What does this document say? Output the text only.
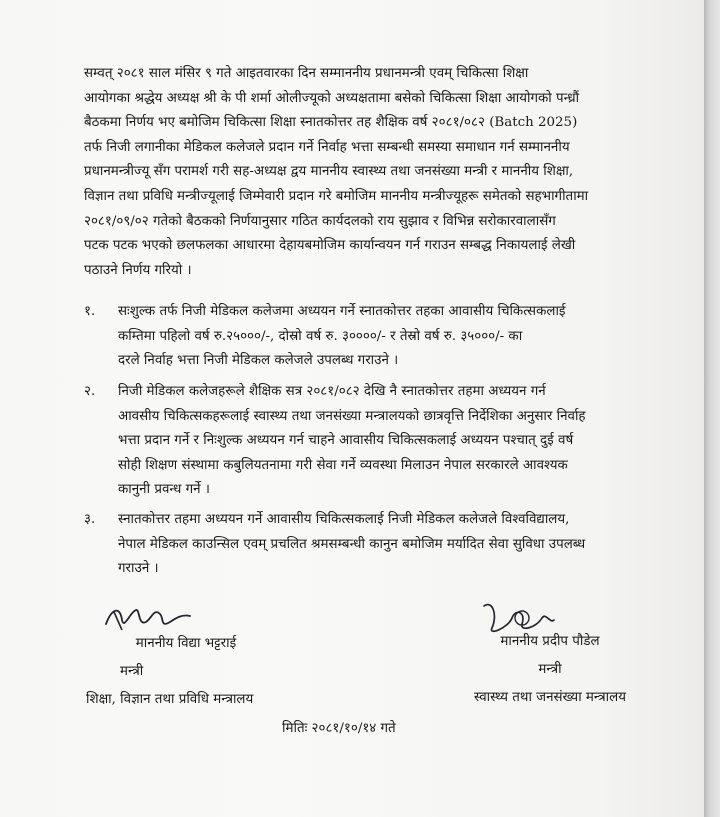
सम्वत् २०८१ साल मंसिर ९ गते आइतवारका दिन सम्माननीय प्रधानमन्त्री एवम् चिकित्सा शिक्षा
आयोगका श्रद्धेय अध्यक्ष श्री के पी शर्मा ओलीज्यूको अध्यक्षतामा बसेको चिकित्सा शिक्षा आयोगको पन्ध्रौं
बैठकमा निर्णय भए बमोजिम चिकित्सा शिक्षा स्नातकोत्तर तह शैक्षिक वर्ष २०८१/०८२ (Batch 2025)
तर्फ निजी लगानीका मेडिकल कलेजले प्रदान गर्ने निर्वाह भत्ता सम्बन्धी समस्या समाधान गर्न सम्माननीय
प्रधानमन्त्रीज्यू सँग परामर्श गरी सह-अध्यक्ष द्वय माननीय स्वास्थ्य तथा जनसंख्या मन्त्री र माननीय शिक्षा,
विज्ञान तथा प्रविधि मन्त्रीज्यूलाई जिम्मेवारी प्रदान गरे बमोजिम माननीय मन्त्रीज्यूहरू समेतको सहभागीतामा
२०८१/०९/०२ गतेको बैठकको निर्णयानुसार गठित कार्यदलको राय सुझाव र विभिन्न सरोकारवालासँग
पटक पटक भएको छलफलका आधारमा देहायबमोजिम कार्यान्वयन गर्न गराउन सम्बद्ध निकायलाई लेखी
पठाउने निर्णय गरियो ।

१. सःशुल्क तर्फ निजी मेडिकल कलेजमा अध्ययन गर्ने स्नातकोत्तर तहका आवासीय चिकित्सकलाई
कम्तिमा पहिलो वर्ष रु.२५०००/-, दोस्रो वर्ष रु. ३००००/- र तेस्रो वर्ष रु. ३५०००/- का
दरले निर्वाह भत्ता निजी मेडिकल कलेजले उपलब्ध गराउने ।
२. निजी मेडिकल कलेजहरूले शैक्षिक सत्र २०८१/०८२ देखि नै स्नातकोत्तर तहमा अध्ययन गर्न
आवसीय चिकित्सकहरूलाई स्वास्थ्य तथा जनसंख्या मन्त्रालयको छात्रवृत्ति निर्देशिका अनुसार निर्वाह
भत्ता प्रदान गर्ने र निःशुल्क अध्ययन गर्न चाहने आवासीय चिकित्सकलाई अध्ययन पश्चात् दुई वर्ष
सोही शिक्षण संस्थामा कबुलियतनामा गरी सेवा गर्ने व्यवस्था मिलाउन नेपाल सरकारले आवश्यक
कानुनी प्रवन्ध गर्ने ।
३. स्नातकोत्तर तहमा अध्ययन गर्ने आवासीय चिकित्सकलाई निजी मेडिकल कलेजले विश्वविद्यालय,
नेपाल मेडिकल काउन्सिल एवम् प्रचलित श्रमसम्बन्धी कानुन बमोजिम मर्यादित सेवा सुविधा उपलब्ध
गराउने ।
माननीय विद्या भट्टराई
मन्त्री
शिक्षा, विज्ञान तथा प्रविधि मन्त्रालय
माननीय प्रदीप पौडेल
मन्त्री
स्वास्थ्य तथा जनसंख्या मन्त्रालय
मितिः २०८१/१०/१४ गते
